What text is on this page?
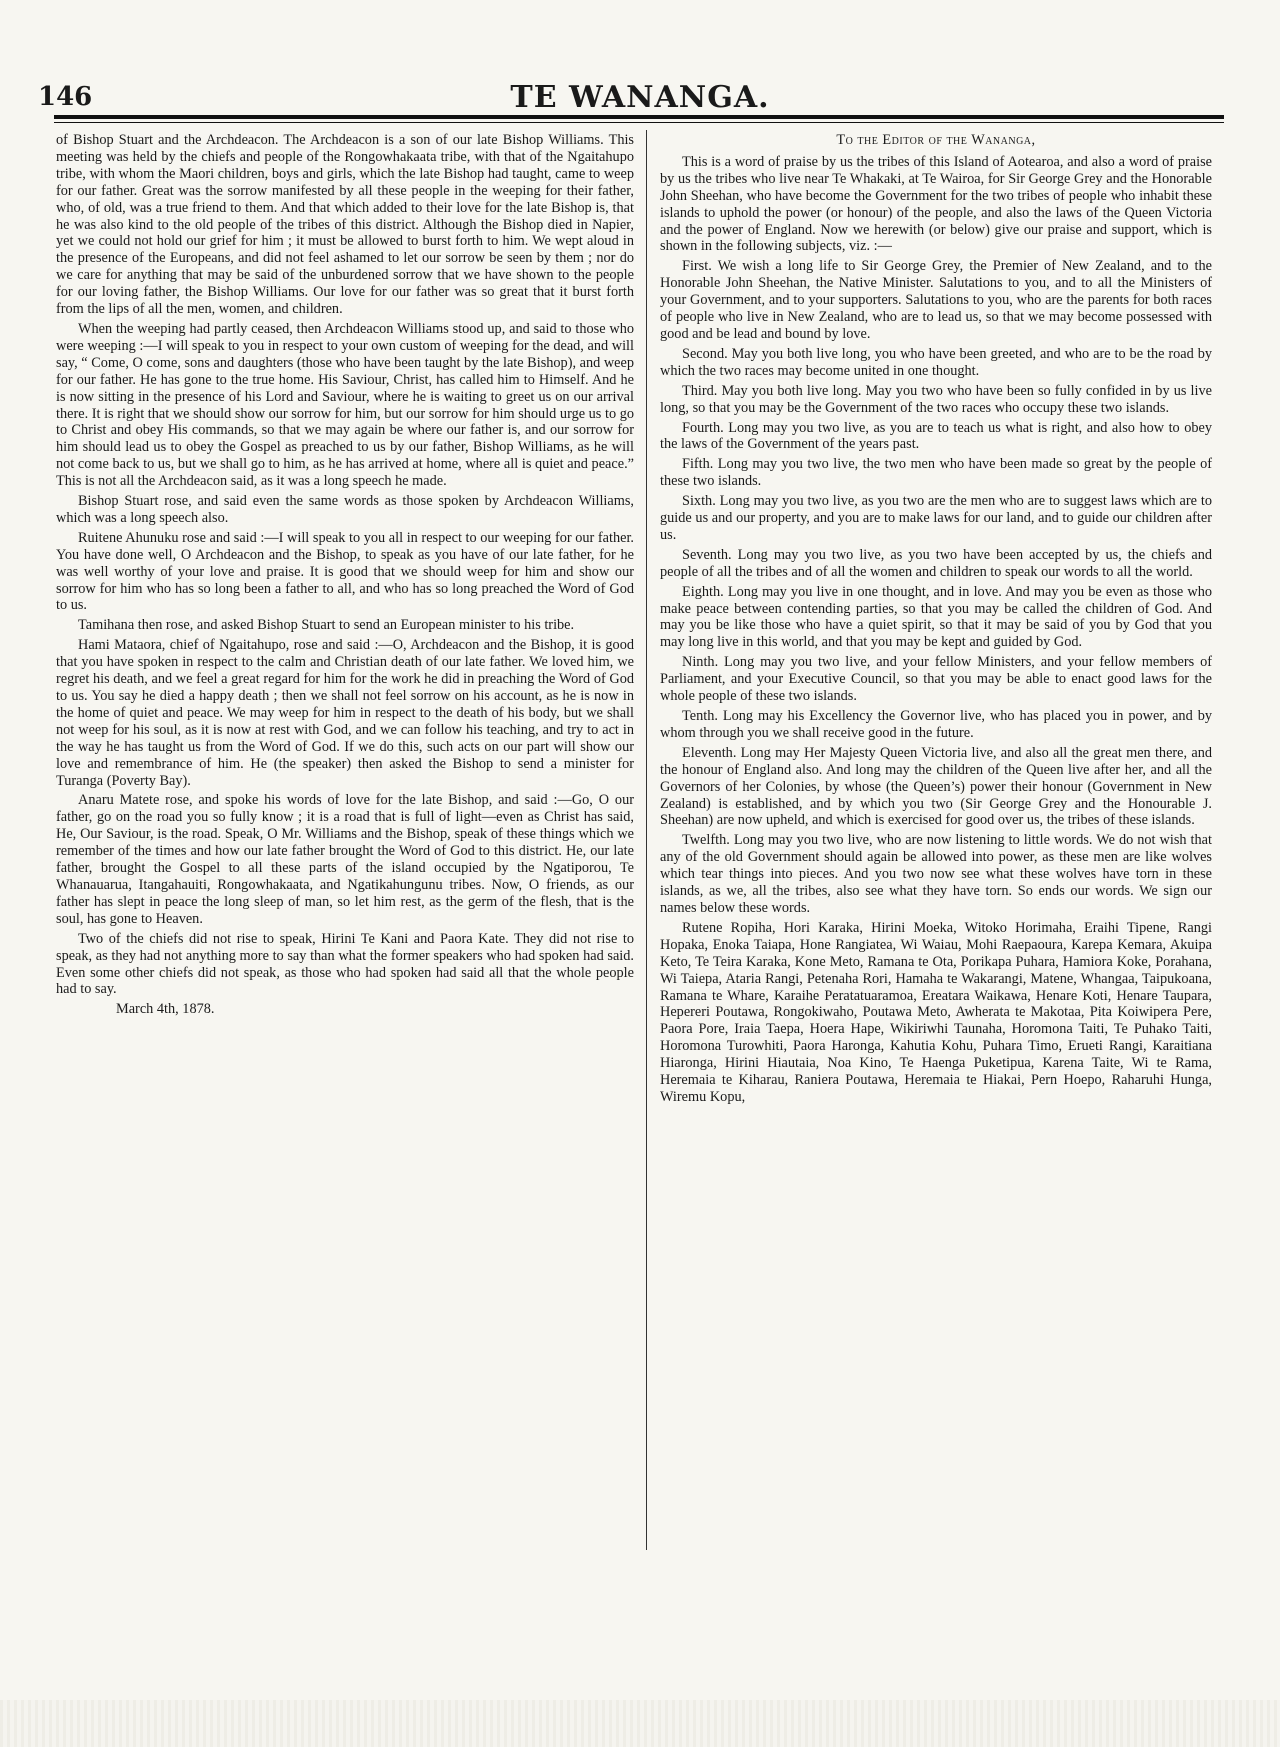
146	TE WANANGA.

of Bishop Stuart and the Archdeacon. The Archdeacon is a son of our late Bishop Williams. This meeting was held by the chiefs and people of the Rongowhakaata tribe, with that of the Ngaitahupo tribe, with whom the Maori children, boys and girls, which the late Bishop had taught, came to weep for our father. Great was the sorrow manifested by all these people in the weeping for their father, who, of old, was a true friend to them. And that which added to their love for the late Bishop is, that he was also kind to the old people of the tribes of this district. Although the Bishop died in Napier, yet we could not hold our grief for him ; it must be allowed to burst forth to him. We wept aloud in the presence of the Europeans, and did not feel ashamed to let our sorrow be seen by them ; nor do we care for anything that may be said of the unburdened sorrow that we have shown to the people for our loving father, the Bishop Williams. Our love for our father was so great that it burst forth from the lips of all the men, women, and children.

When the weeping had partly ceased, then Archdeacon Williams stood up, and said to those who were weeping :—I will speak to you in respect to your own custom of weeping for the dead, and will say, “ Come, O come, sons and daughters (those who have been taught by the late Bishop), and weep for our father. He has gone to the true home. His Saviour, Christ, has called him to Himself. And he is now sitting in the presence of his Lord and Saviour, where he is waiting to greet us on our arrival there. It is right that we should show our sorrow for him, but our sorrow for him should urge us to go to Christ and obey His commands, so that we may again be where our father is, and our sorrow for him should lead us to obey the Gospel as preached to us by our father, Bishop Williams, as he will not come back to us, but we shall go to him, as he has arrived at home, where all is quiet and peace.” This is not all the Archdeacon said, as it was a long speech he made.

Bishop Stuart rose, and said even the same words as those spoken by Archdeacon Williams, which was a long speech also.

Ruitene Ahunuku rose and said :—I will speak to you all in respect to our weeping for our father. You have done well, O Archdeacon and the Bishop, to speak as you have of our late father, for he was well worthy of your love and praise. It is good that we should weep for him and show our sorrow for him who has so long been a father to all, and who has so long preached the Word of God to us.

Tamihana then rose, and asked Bishop Stuart to send an European minister to his tribe.

Hami Mataora, chief of Ngaitahupo, rose and said :—O, Archdeacon and the Bishop, it is good that you have spoken in respect to the calm and Christian death of our late father. We loved him, we regret his death, and we feel a great regard for him for the work he did in preaching the Word of God to us. You say he died a happy death ; then we shall not feel sorrow on his account, as he is now in the home of quiet and peace. We may weep for him in respect to the death of his body, but we shall not weep for his soul, as it is now at rest with God, and we can follow his teaching, and try to act in the way he has taught us from the Word of God. If we do this, such acts on our part will show our love and remembrance of him. He (the speaker) then asked the Bishop to send a minister for Turanga (Poverty Bay).

Anaru Matete rose, and spoke his words of love for the late Bishop, and said :—Go, O our father, go on the road you so fully know ; it is a road that is full of light—even as Christ has said, He, Our Saviour, is the road. Speak, O Mr. Williams and the Bishop, speak of these things which we remember of the times and how our late father brought the Word of God to this district. He, our late father, brought the Gospel to all these parts of the island occupied by the Ngatiporou, Te Whanauarua, Itangahauiti, Rongowhakaata, and Ngatikahungunu tribes. Now, O friends, as our father has slept in peace the long sleep of man, so let him rest, as the germ of the flesh, that is the soul, has gone to Heaven.

Two of the chiefs did not rise to speak, Hirini Te Kani and Paora Kate. They did not rise to speak, as they had not anything more to say than what the former speakers who had spoken had said. Even some other chiefs did not speak, as those who had spoken had said all that the whole people had to say.

March 4th, 1878.

To the Editor of the Wananga,

This is a word of praise by us the tribes of this Island of Aotearoa, and also a word of praise by us the tribes who live near Te Whakaki, at Te Wairoa, for Sir George Grey and the Honorable John Sheehan, who have become the Government for the two tribes of people who inhabit these islands to uphold the power (or honour) of the people, and also the laws of the Queen Victoria and the power of England. Now we herewith (or below) give our praise and support, which is shown in the following subjects, viz. :—

First. We wish a long life to Sir George Grey, the Premier of New Zealand, and to the Honorable John Sheehan, the Native Minister. Salutations to you, and to all the Ministers of your Government, and to your supporters. Salutations to you, who are the parents for both races of people who live in New Zealand, who are to lead us, so that we may become possessed with good and be lead and bound by love.

Second. May you both live long, you who have been greeted, and who are to be the road by which the two races may become united in one thought.

Third. May you both live long. May you two who have been so fully confided in by us live long, so that you may be the Government of the two races who occupy these two islands.

Fourth. Long may you two live, as you are to teach us what is right, and also how to obey the laws of the Government of the years past.

Fifth. Long may you two live, the two men who have been made so great by the people of these two islands.

Sixth. Long may you two live, as you two are the men who are to suggest laws which are to guide us and our property, and you are to make laws for our land, and to guide our children after us.

Seventh. Long may you two live, as you two have been accepted by us, the chiefs and people of all the tribes and of all the women and children to speak our words to all the world.

Eighth. Long may you live in one thought, and in love. And may you be even as those who make peace between contending parties, so that you may be called the children of God. And may you be like those who have a quiet spirit, so that it may be said of you by God that you may long live in this world, and that you may be kept and guided by God.

Ninth. Long may you two live, and your fellow Ministers, and your fellow members of Parliament, and your Executive Council, so that you may be able to enact good laws for the whole people of these two islands.

Tenth. Long may his Excellency the Governor live, who has placed you in power, and by whom through you we shall receive good in the future.

Eleventh. Long may Her Majesty Queen Victoria live, and also all the great men there, and the honour of England also. And long may the children of the Queen live after her, and all the Governors of her Colonies, by whose (the Queen’s) power their honour (Government in New Zealand) is established, and by which you two (Sir George Grey and the Honourable J. Sheehan) are now upheld, and which is exercised for good over us, the tribes of these islands.

Twelfth. Long may you two live, who are now listening to little words. We do not wish that any of the old Government should again be allowed into power, as these men are like wolves which tear things into pieces. And you two now see what these wolves have torn in these islands, as we, all the tribes, also see what they have torn. So ends our words. We sign our names below these words.

Rutene Ropiha, Hori Karaka, Hirini Moeka, Witoko Horimaha, Eraihi Tipene, Rangi Hopaka, Enoka Taiapa, Hone Rangiatea, Wi Waiau, Mohi Raepaoura, Karepa Kemara, Akuipa Keto, Te Teira Karaka, Kone Meto, Ramana te Ota, Porikapa Puhara, Hamiora Koke, Porahana, Wi Taiepa, Ataria Rangi, Petenaha Rori, Hamaha te Wakarangi, Matene, Whangaa, Taipukoana, Ramana te Whare, Karaihe Peratatuaramoa, Ereatara Waikawa, Henare Koti, Henare Taupara, Hepereri Poutawa, Rongokiwaho, Poutawa Meto, Awherata te Makotaa, Pita Koiwipera Pere, Paora Pore, Iraia Taepa, Hoera Hape, Wikiriwhi Taunaha, Horomona Taiti, Te Puhako Taiti, Horomona Turowhiti, Paora Haronga, Kahutia Kohu, Puhara Timo, Erueti Rangi, Karaitiana Hiaronga, Hirini Hiautaia, Noa Kino, Te Haenga Puketipua, Karena Taite, Wi te Rama, Heremaia te Kiharau, Raniera Poutawa, Heremaia te Hiakai, Pern Hoepo, Raharuhi Hunga, Wiremu Kopu,
